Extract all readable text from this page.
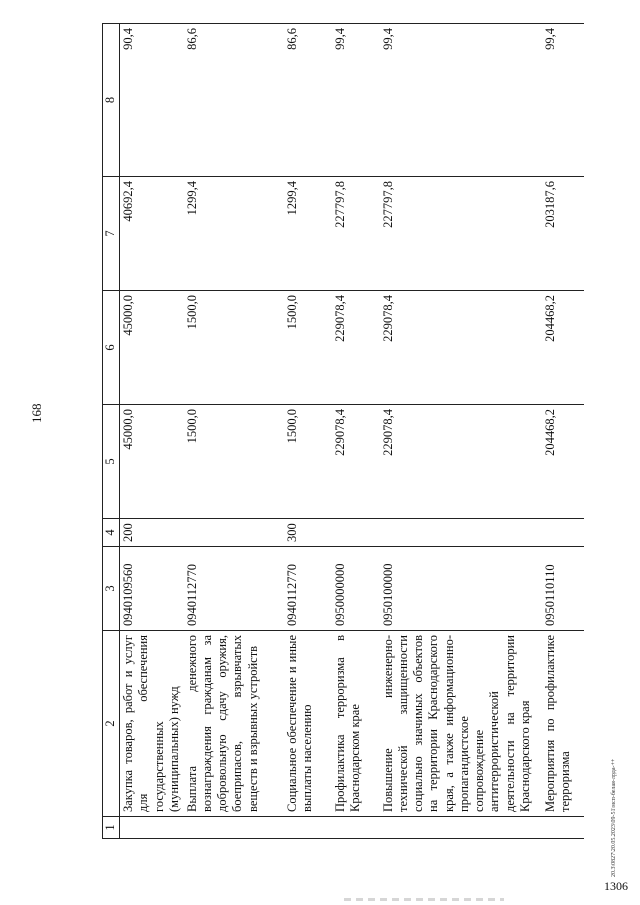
168
1	2	3	4	5	6	7	8
	Закупка товаров, работ и услуг для обеспечения государственных (муниципальных) нужд	0940109560	200	45000,0	45000,0	40692,4	90,4
	Выплата денежного вознаграждения гражданам за добровольную сдачу оружия, боеприпасов, взрывчатых веществ и взрывных устройств	0940112770		1500,0	1500,0	1299,4	86,6
	Социальное обеспечение и иные выплаты населению	0940112770	300	1500,0	1500,0	1299,4	86,6
	Профилактика терроризма в Краснодарском крае	0950000000		229078,4	229078,4	227797,8	99,4
	Повышение инженерно-технической защищенности социально значимых объектов на территории Краснодарского края, а также информационно-пропагандистское сопровождение антитеррористической деятельности на территории Краснодарского края	0950100000		229078,4	229078,4	227797,8	99,4
	Мероприятия по профилактике терроризма	0950110110		204468,2	204468,2	203187,6	99,4
20.3\0827\20.05.2023\09-51\мсп-белая-лрда-++
1306
